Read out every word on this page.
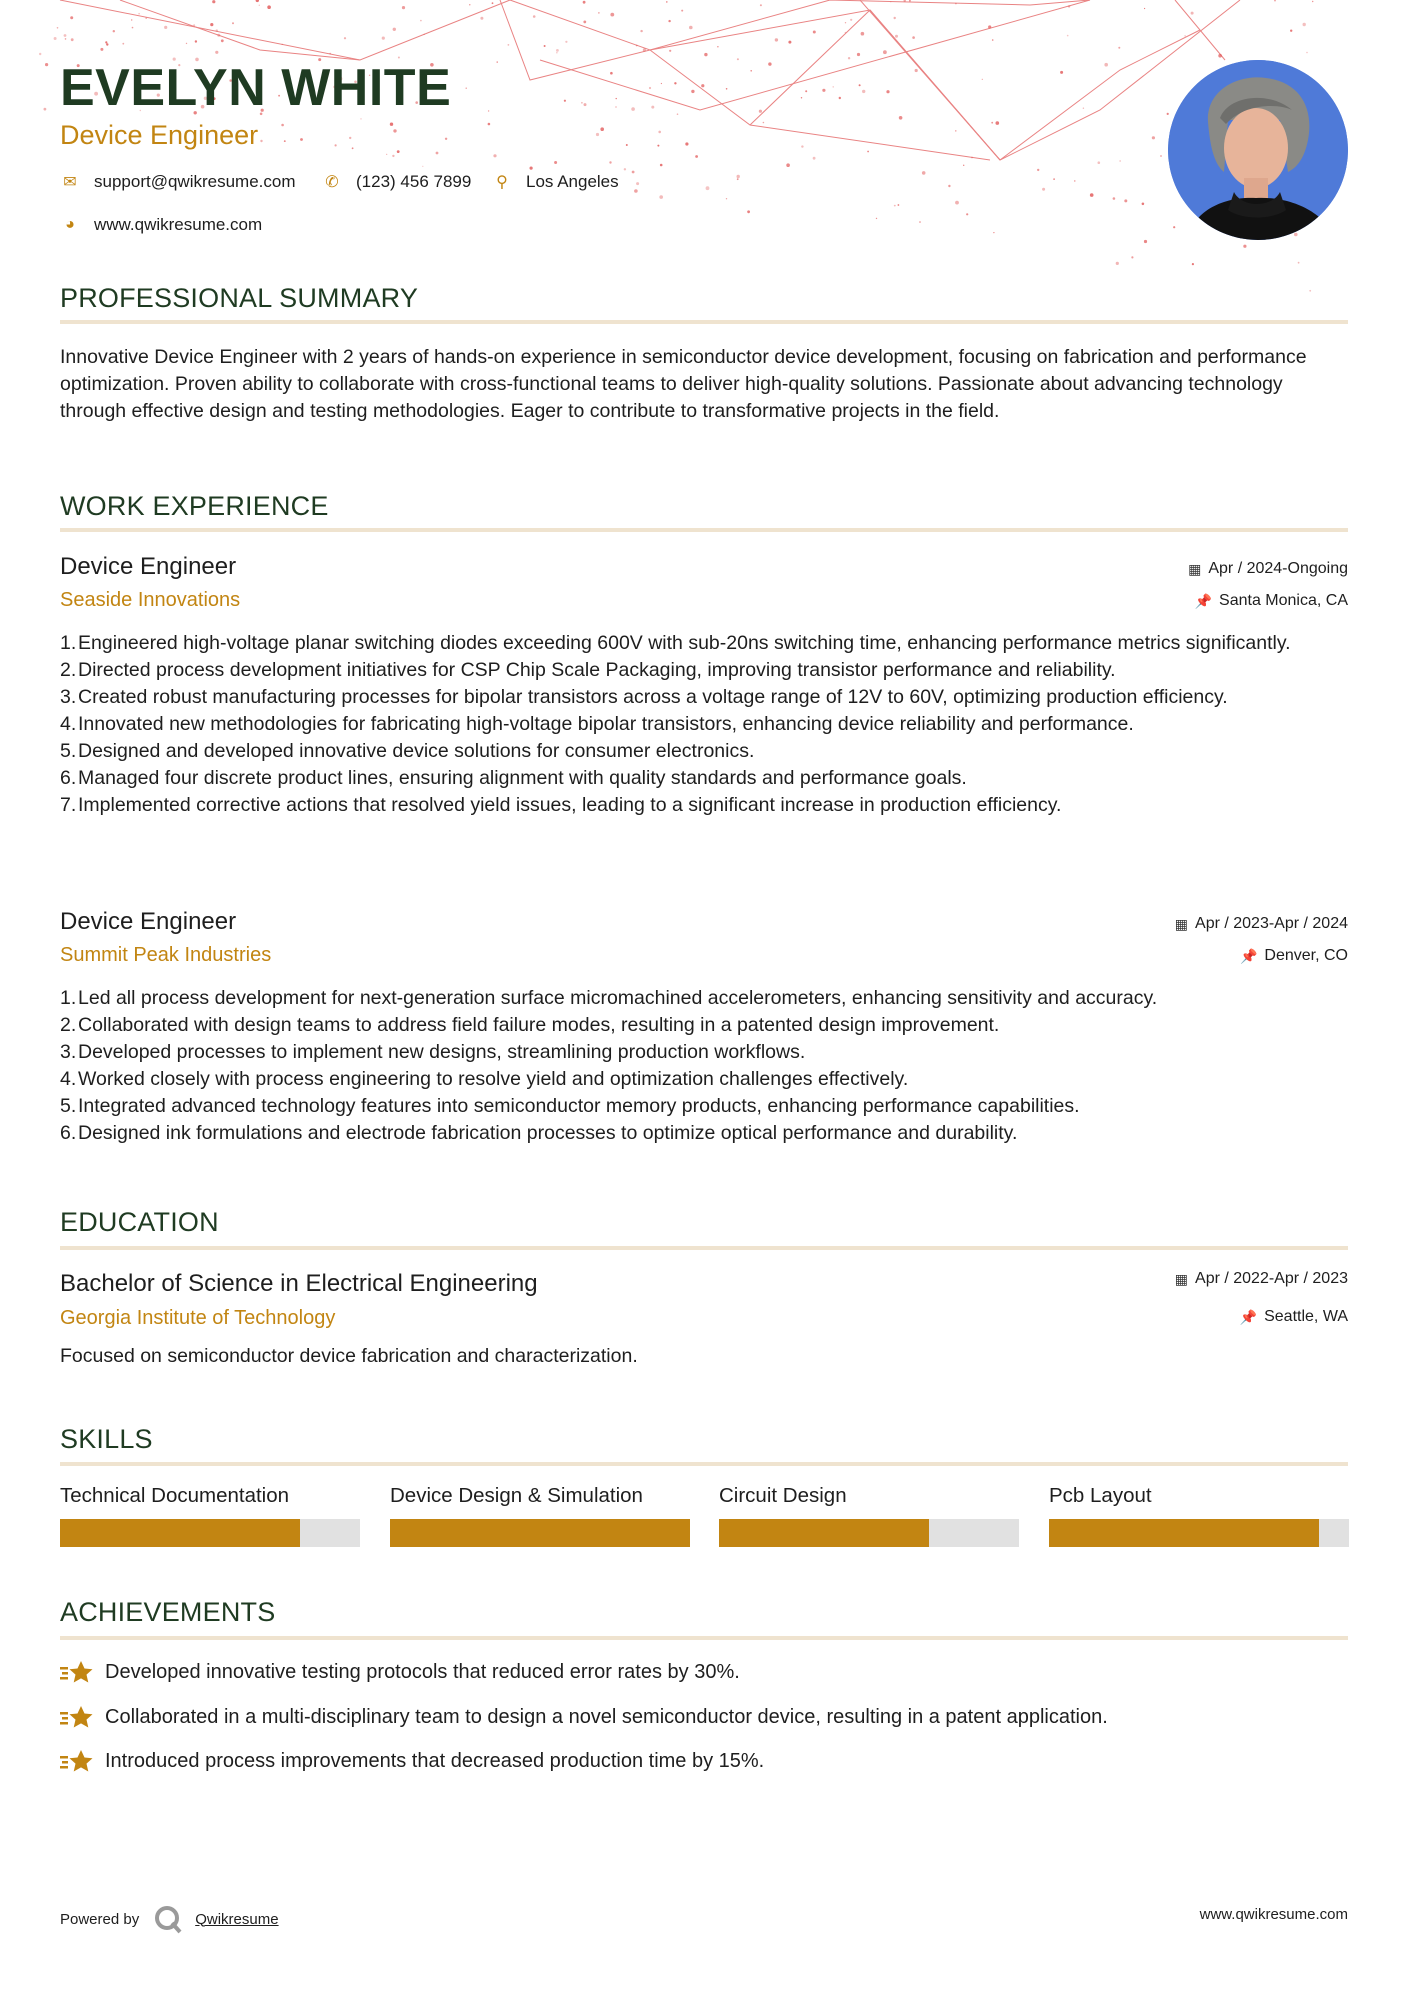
EVELYN WHITE
Device Engineer
✉ support@qwikresume.com ✆ (123) 456 7899 ⚲ Los Angeles
◕	www.qwikresume.com
PROFESSIONAL SUMMARY
Innovative Device Engineer with 2 years of hands-on experience in semiconductor device development, focusing on fabrication and performance optimization. Proven ability to collaborate with cross-functional teams to deliver high-quality solutions. Passionate about advancing technology through effective design and testing methodologies. Eager to contribute to transformative projects in the field.
WORK EXPERIENCE
Device Engineer
Seaside Innovations
▦ Apr / 2024-Ongoing
📌 Santa Monica, CA
Engineered high-voltage planar switching diodes exceeding 600V with sub-20ns switching time, enhancing performance metrics significantly.
Directed process development initiatives for CSP Chip Scale Packaging, improving transistor performance and reliability.
Created robust manufacturing processes for bipolar transistors across a voltage range of 12V to 60V, optimizing production efficiency.
Innovated new methodologies for fabricating high-voltage bipolar transistors, enhancing device reliability and performance.
Designed and developed innovative device solutions for consumer electronics.
Managed four discrete product lines, ensuring alignment with quality standards and performance goals.
Implemented corrective actions that resolved yield issues, leading to a significant increase in production efficiency.
Device Engineer
Summit Peak Industries
▦ Apr / 2023-Apr / 2024
📌 Denver, CO
Led all process development for next-generation surface micromachined accelerometers, enhancing sensitivity and accuracy.
Collaborated with design teams to address field failure modes, resulting in a patented design improvement.
Developed processes to implement new designs, streamlining production workflows.
Worked closely with process engineering to resolve yield and optimization challenges effectively.
Integrated advanced technology features into semiconductor memory products, enhancing performance capabilities.
Designed ink formulations and electrode fabrication processes to optimize optical performance and durability.
EDUCATION
Bachelor of Science in Electrical Engineering
Georgia Institute of Technology
▦ Apr / 2022-Apr / 2023
📌 Seattle, WA
Focused on semiconductor device fabrication and characterization.
SKILLS
Technical Documentation	Device Design & Simulation	Circuit Design	Pcb Layout
ACHIEVEMENTS
Developed innovative testing protocols that reduced error rates by 30%.
Collaborated in a multi-disciplinary team to design a novel semiconductor device, resulting in a patent application.
Introduced process improvements that decreased production time by 15%.
Powered by	Qwikresume	www.qwikresume.com
